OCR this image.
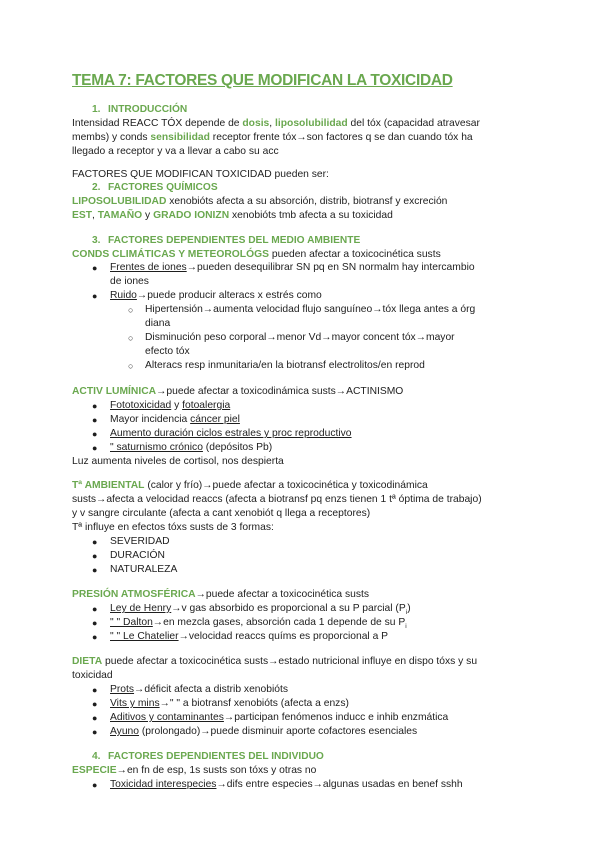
TEMA 7: FACTORES QUE MODIFICAN LA TOXICIDAD
1. INTRODUCCIÓN
Intensidad REACC TÓX depende de dosis, liposolubilidad del tóx (capacidad atravesar
membs) y conds sensibilidad receptor frente tóx→son factores q se dan cuando tóx ha
llegado a receptor y va a llevar a cabo su acc
FACTORES QUE MODIFICAN TOXICIDAD pueden ser:
2. FACTORES QUÍMICOS
LIPOSOLUBILIDAD xenobióts afecta a su absorción, distrib, biotransf y excreción
EST, TAMAÑO y GRADO IONIZN xenobióts tmb afecta a su toxicidad
3. FACTORES DEPENDIENTES DEL MEDIO AMBIENTE
CONDS CLIMÁTICAS Y METEOROLÓGS pueden afectar a toxicocinética susts
● Frentes de iones→pueden desequilibrar SN pq en SN normalm hay intercambio
de iones
● Ruido→puede producir alteracs x estrés como
○ Hipertensión→aumenta velocidad flujo sanguíneo→tóx llega antes a órg
diana
○ Disminución peso corporal→menor Vd→mayor concent tóx→mayor
efecto tóx
○ Alteracs resp inmunitaria/en la biotransf electrolitos/en reprod
ACTIV LUMÍNICA→puede afectar a toxicodinámica susts→ACTINISMO
● Fototoxicidad y fotoalergia
● Mayor incidencia cáncer piel
● Aumento duración ciclos estrales y proc reproductivo
● " saturnismo crónico (depósitos Pb)
Luz aumenta niveles de cortisol, nos despierta
Tª AMBIENTAL (calor y frío)→puede afectar a toxicocinética y toxicodinámica
susts→afecta a velocidad reaccs (afecta a biotransf pq enzs tienen 1 tª óptima de trabajo)
y v sangre circulante (afecta a cant xenobiót q llega a receptores)
Tª influye en efectos tóxs susts de 3 formas:
● SEVERIDAD
● DURACIÓN
● NATURALEZA
PRESIÓN ATMOSFÉRICA→puede afectar a toxicocinética susts
● Ley de Henry→v gas absorbido es proporcional a su P parcial $(P_i)$
● " " Dalton→en mezcla gases, absorción cada 1 depende de su $P_i$
● " " Le Chatelier→velocidad reaccs químs es proporcional a P
DIETA puede afectar a toxicocinética susts→estado nutricional influye en dispo tóxs y su
toxicidad
● Prots→déficit afecta a distrib xenobióts
● Vits y mins→" " a biotransf xenobióts (afecta a enzs)
● Aditivos y contaminantes→participan fenómenos inducc e inhib enzmática
● Ayuno (prolongado)→puede disminuir aporte cofactores esenciales
4. FACTORES DEPENDIENTES DEL INDIVIDUO
ESPECIE→en fn de esp, 1s susts son tóxs y otras no
● Toxicidad interespecies→difs entre especies→algunas usadas en benef sshh
